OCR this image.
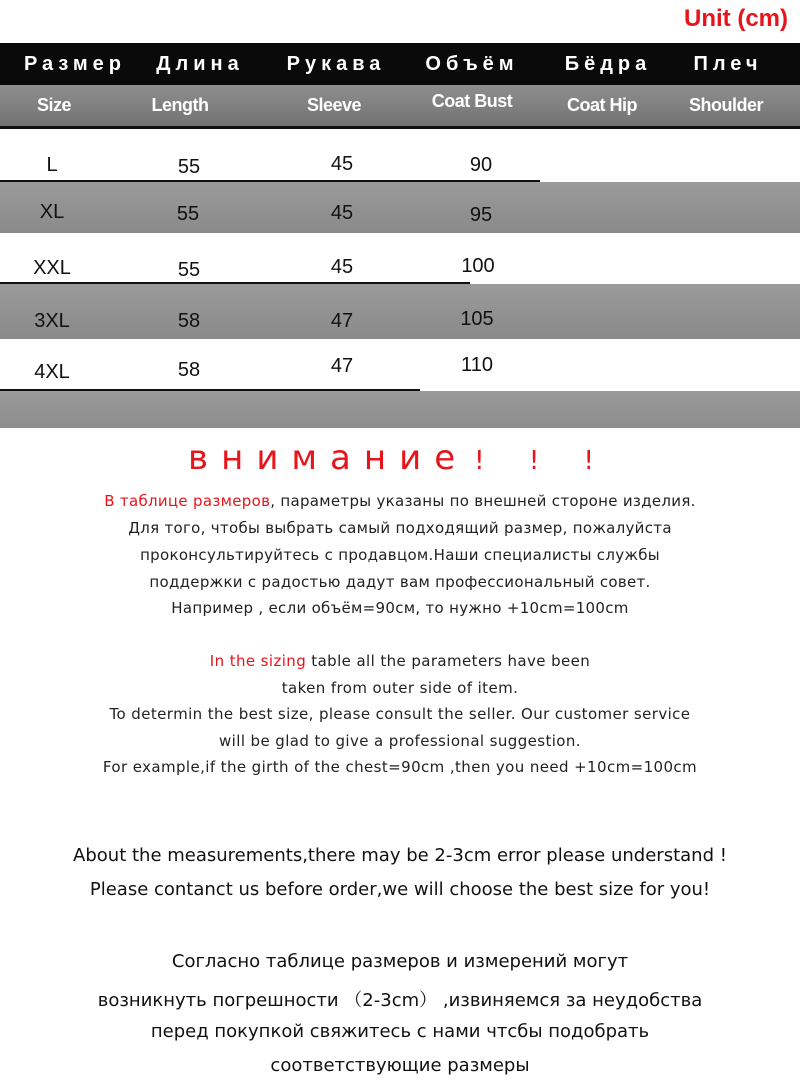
Unit (cm)
Размер	Длина	Рукава	Объём	Бёдра	Плеч
Size	Length	Sleeve	Coat Bust	Coat Hip	Shoulder
L	55	45	90
XL	55	45	95
XXL	55	45	100
3XL	58	47	105
4XL	58	47	110
внимание ! ! !
В таблице размеров, параметры указаны по внешней стороне изделия.
Для того, чтобы выбрать самый подходящий размер, пожалуйста
проконсультируйтесь с продавцом.Наши специалисты службы
поддержки с радостью дадут вам профессиональный совет.
Например , если объём=90см, то нужно +10cm=100cm
In the sizing table all the parameters have been
taken from outer side of item.
To determin the best size, please consult the seller. Our customer service
will be glad to give a professional suggestion.
For example,if the girth of the chest=90cm ,then you need +10cm=100cm
About the measurements,there may be 2-3cm error please understand !
Please contanct us before order,we will choose the best size for you!
Согласно таблице размеров и измерений могут
возникнуть погрешности （2-3cm） ,извиняемся за неудобства
перед покупкой свяжитесь с нами чтсбы подобрать
соответствующие размеры
